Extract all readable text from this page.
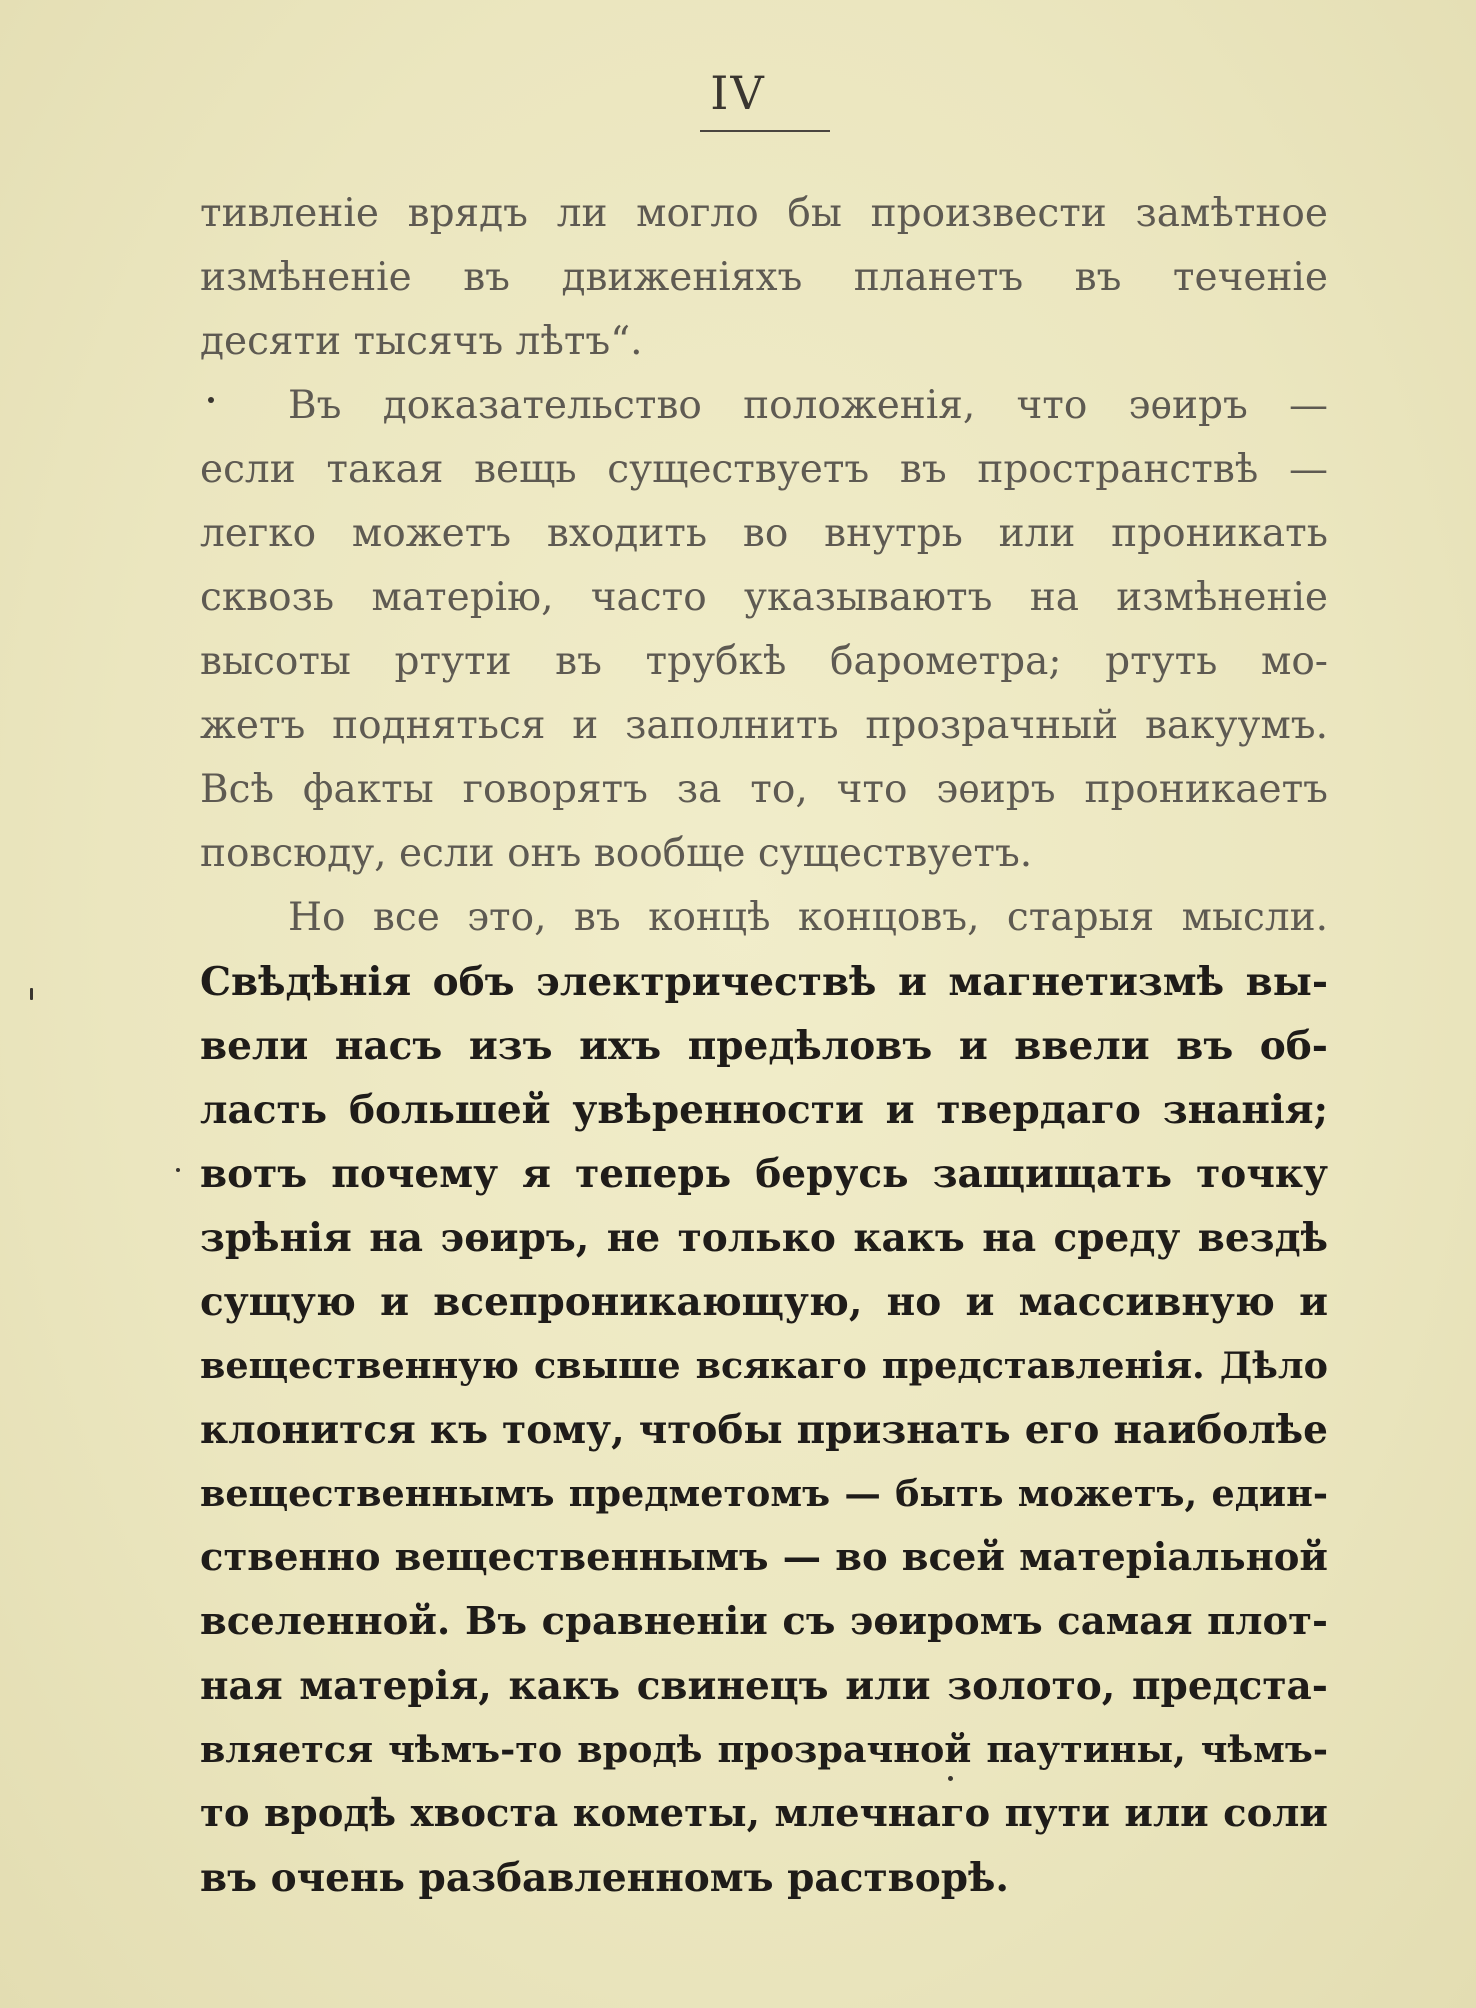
IV
тивленіе врядъ ли могло бы произвести замѣтное
измѣненіе въ движеніяхъ планетъ въ теченіе
десяти тысячъ лѣтъ“.
Въ доказательство положенія, что эѳиръ —
если такая вещь существуетъ въ пространствѣ —
легко можетъ входить во внутрь или проникать
сквозь матерію, часто указываютъ на измѣненіе
высоты ртути въ трубкѣ барометра; ртуть мо-
жетъ подняться и заполнить прозрачный вакуумъ.
Всѣ факты говорятъ за то, что эѳиръ проникаетъ
повсюду, если онъ вообще существуетъ.
Но все это, въ концѣ концовъ, старыя мысли.
Свѣдѣнія объ электричествѣ и магнетизмѣ вы-
вели насъ изъ ихъ предѣловъ и ввели въ об-
ласть большей увѣренности и твердаго знанія;
вотъ почему я теперь берусь защищать точку
зрѣнія на эѳиръ, не только какъ на среду вездѣ
сущую и всепроникающую, но и массивную и
вещественную свыше всякаго представленія. Дѣло
клонится къ тому, чтобы признать его наиболѣе
вещественнымъ предметомъ — быть можетъ, един-
ственно вещественнымъ — во всей матеріальной
вселенной. Въ сравненіи съ эѳиромъ самая плот-
ная матерія, какъ свинецъ или золото, предста-
вляется чѣмъ-то вродѣ прозрачной паутины, чѣмъ-
то вродѣ хвоста кометы, млечнаго пути или соли
въ очень разбавленномъ растворѣ.
